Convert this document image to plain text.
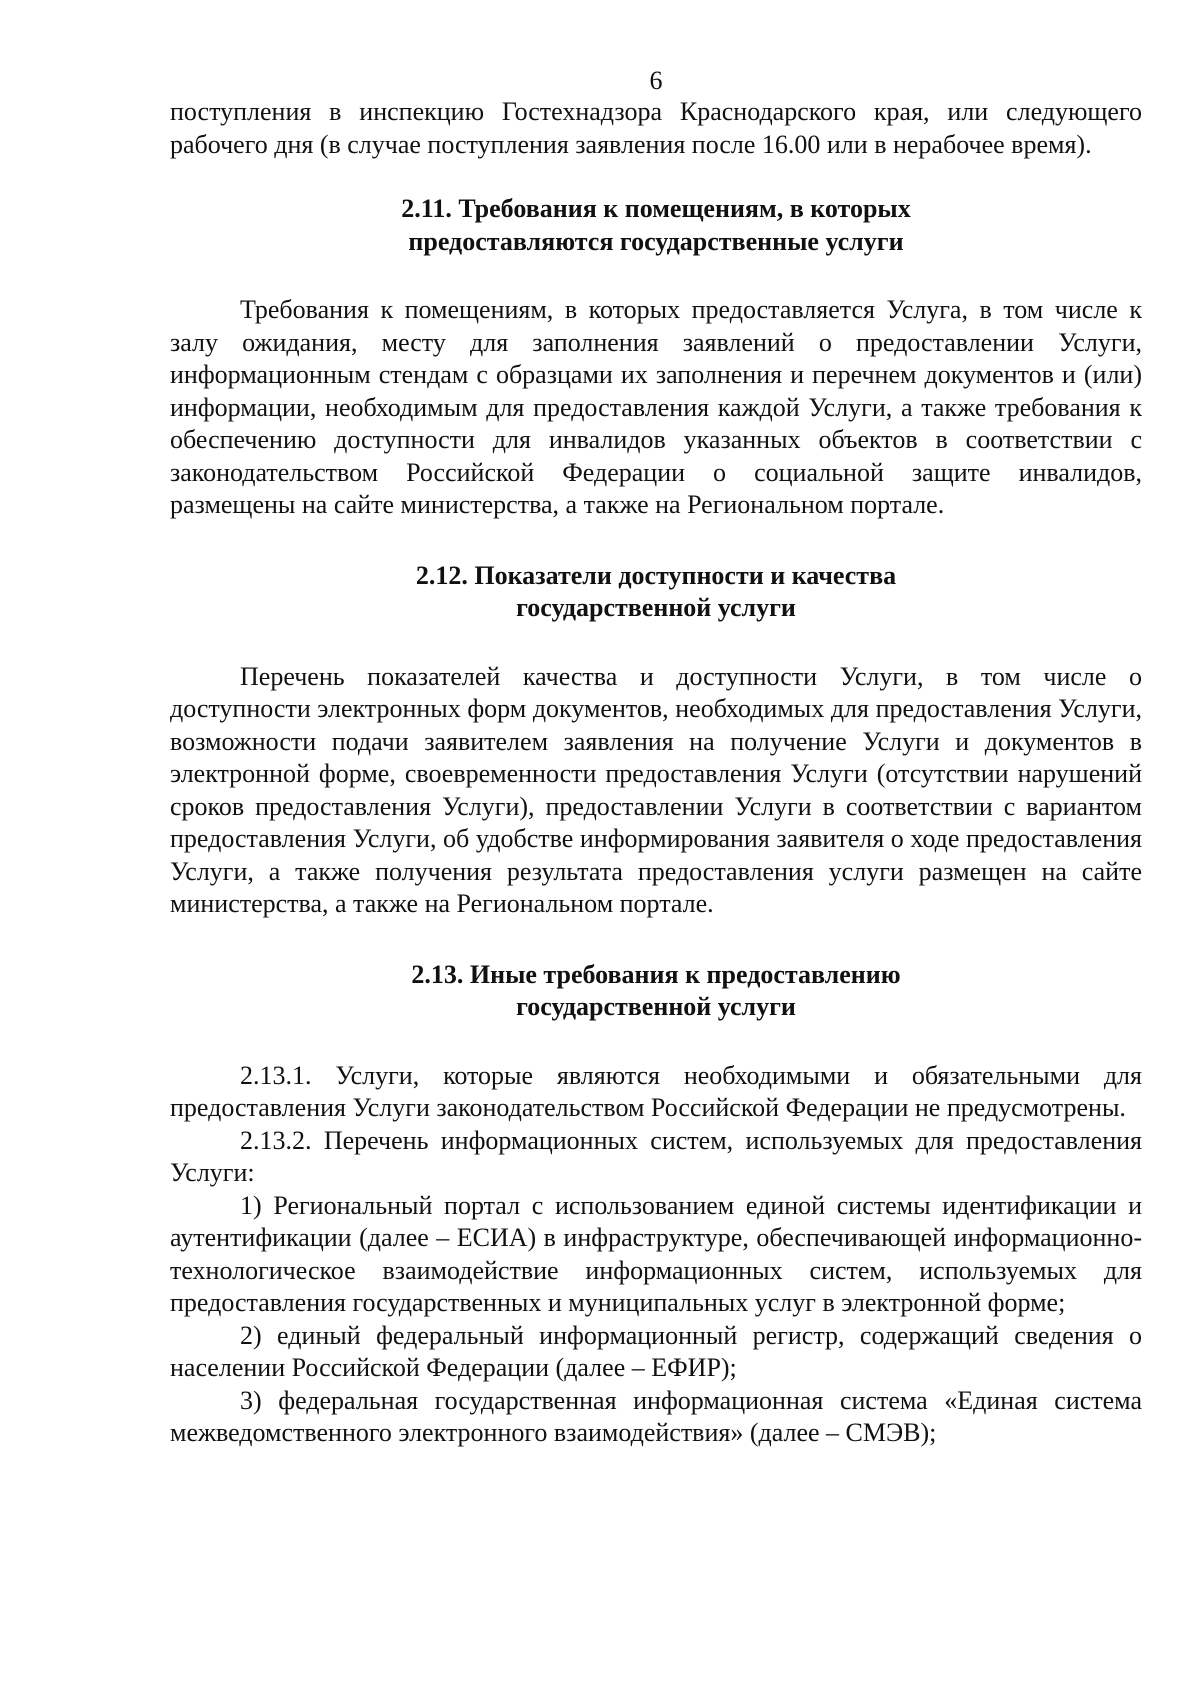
6

поступления в инспекцию Гостехнадзора Краснодарского края, или следующего рабочего дня (в случае поступления заявления после 16.00 или в нерабочее время).

2.11. Требования к помещениям, в которых
предоставляются государственные услуги

Требования к помещениям, в которых предоставляется Услуга, в том числе к залу ожидания, месту для заполнения заявлений о предоставлении Услуги, информационным стендам с образцами их заполнения и перечнем документов и (или) информации, необходимым для предоставления каждой Услуги, а также требования к обеспечению доступности для инвалидов указанных объектов в соответствии с законодательством Российской Федерации о социальной защите инвалидов, размещены на сайте министерства, а также на Региональном портале.

2.12. Показатели доступности и качества
государственной услуги

Перечень показателей качества и доступности Услуги, в том числе о доступности электронных форм документов, необходимых для предоставления Услуги, возможности подачи заявителем заявления на получение Услуги и документов в электронной форме, своевременности предоставления Услуги (отсутствии нарушений сроков предоставления Услуги), предоставлении Услуги в соответствии с вариантом предоставления Услуги, об удобстве информирования заявителя о ходе предоставления Услуги, а также получения результата предоставления услуги размещен на сайте министерства, а также на Региональном портале.

2.13. Иные требования к предоставлению
государственной услуги

2.13.1. Услуги, которые являются необходимыми и обязательными для предоставления Услуги законодательством Российской Федерации не предусмотрены.

2.13.2. Перечень информационных систем, используемых для предоставления Услуги:

1) Региональный портал с использованием единой системы идентификации и аутентификации (далее – ЕСИА) в инфраструктуре, обеспечивающей информационно-технологическое взаимодействие информационных систем, используемых для предоставления государственных и муниципальных услуг в электронной форме;

2) единый федеральный информационный регистр, содержащий сведения о населении Российской Федерации (далее – ЕФИР);

3) федеральная государственная информационная система «Единая система межведомственного электронного взаимодействия» (далее – СМЭВ);
